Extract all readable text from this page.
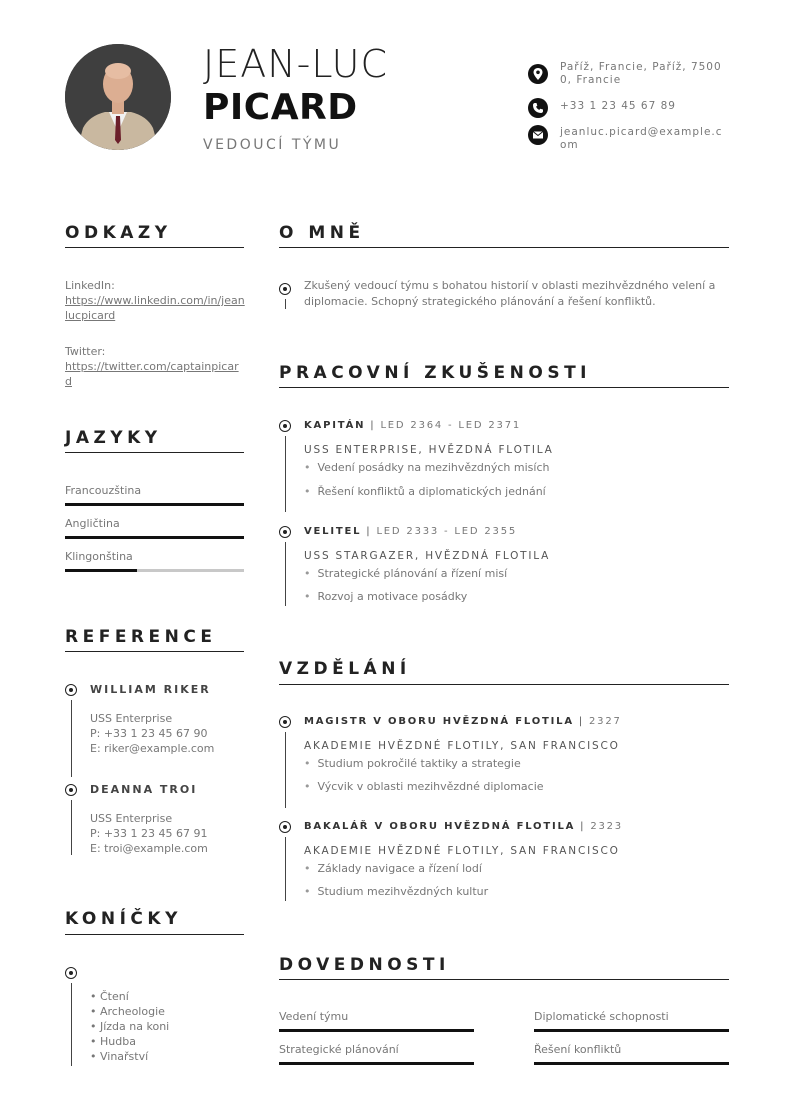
JEAN-LUC
PICARD
VEDOUCÍ TÝMU
Paříž, Francie, Paříž, 75000, Francie
+33 1 23 45 67 89
jeanluc.picard@example.com
ODKAZY
LinkedIn:
https://www.linkedin.com/in/jeanlucpicard
Twitter:
https://twitter.com/captainpicard
JAZYKY
Francouzština
Angličtina
Klingonština
REFERENCE
WILLIAM RIKER
USS Enterprise
P: +33 1 23 45 67 90
E: riker@example.com
DEANNA TROI
USS Enterprise
P: +33 1 23 45 67 91
E: troi@example.com
KONÍČKY
• Čtení
• Archeologie
• Jízda na koni
• Hudba
• Vinařství
O MNĚ
Zkušený vedoucí týmu s bohatou historií v oblasti mezihvězdného velení a diplomacie. Schopný strategického plánování a řešení konfliktů.
PRACOVNÍ ZKUŠENOSTI
KAPITÁN | LED 2364 - LED 2371
USS ENTERPRISE, HVĚZDNÁ FLOTILA
• Vedení posádky na mezihvězdných misích
• Řešení konfliktů a diplomatických jednání
VELITEL | LED 2333 - LED 2355
USS STARGAZER, HVĚZDNÁ FLOTILA
• Strategické plánování a řízení misí
• Rozvoj a motivace posádky
VZDĚLÁNÍ
MAGISTR V OBORU HVĚZDNÁ FLOTILA | 2327
AKADEMIE HVĚZDNÉ FLOTILY, SAN FRANCISCO
• Studium pokročilé taktiky a strategie
• Výcvik v oblasti mezihvězdné diplomacie
BAKALÁŘ V OBORU HVĚZDNÁ FLOTILA | 2323
AKADEMIE HVĚZDNÉ FLOTILY, SAN FRANCISCO
• Základy navigace a řízení lodí
• Studium mezihvězdných kultur
DOVEDNOSTI
Vedení týmu	Diplomatické schopnosti
Strategické plánování	Řešení konfliktů
